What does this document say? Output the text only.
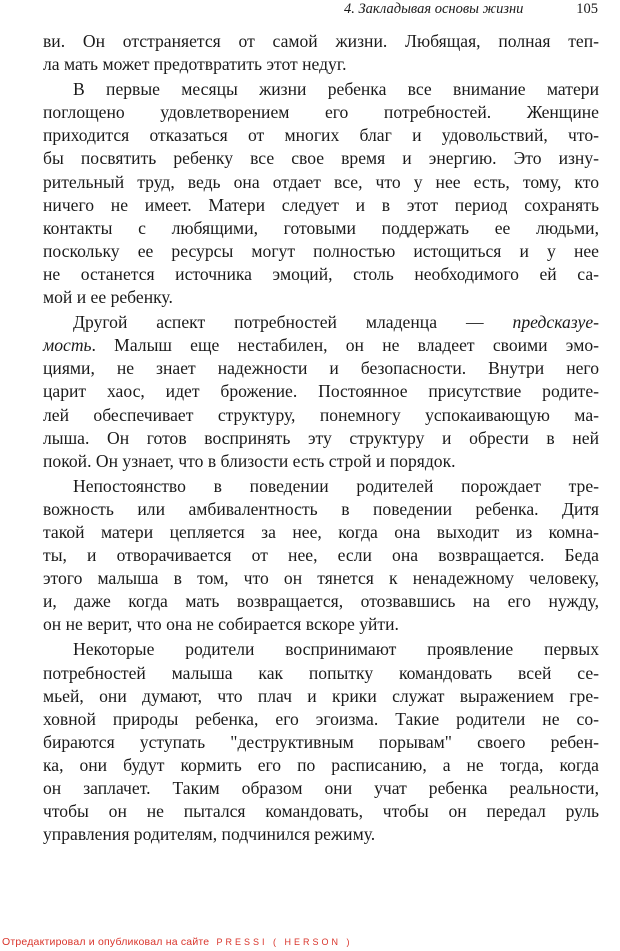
4. Закладывая основы жизни	105

ви. Он отстраняется от самой жизни. Любящая, полная теп-
ла мать может предотвратить этот недуг.

В первые месяцы жизни ребенка все внимание матери
поглощено удовлетворением его потребностей. Женщине
приходится отказаться от многих благ и удовольствий, что-
бы посвятить ребенку все свое время и энергию. Это изну-
рительный труд, ведь она отдает все, что у нее есть, тому, кто
ничего не имеет. Матери следует и в этот период сохранять
контакты с любящими, готовыми поддержать ее людьми,
поскольку ее ресурсы могут полностью истощиться и у нее
не останется источника эмоций, столь необходимого ей са-
мой и ее ребенку.

Другой аспект потребностей младенца — предсказуе-
мость. Малыш еще нестабилен, он не владеет своими эмо-
циями, не знает надежности и безопасности. Внутри него
царит хаос, идет брожение. Постоянное присутствие родите-
лей обеспечивает структуру, понемногу успокаивающую ма-
лыша. Он готов воспринять эту структуру и обрести в ней
покой. Он узнает, что в близости есть строй и порядок.

Непостоянство в поведении родителей порождает тре-
вожность или амбивалентность в поведении ребенка. Дитя
такой матери цепляется за нее, когда она выходит из комна-
ты, и отворачивается от нее, если она возвращается. Беда
этого малыша в том, что он тянется к ненадежному человеку,
и, даже когда мать возвращается, отозвавшись на его нужду,
он не верит, что она не собирается вскоре уйти.

Некоторые родители воспринимают проявление первых
потребностей малыша как попытку командовать всей се-
мьей, они думают, что плач и крики служат выражением гре-
ховной природы ребенка, его эгоизма. Такие родители не со-
бираются уступать "деструктивным порывам" своего ребен-
ка, они будут кормить его по расписанию, а не тогда, когда
он заплачет. Таким образом они учат ребенка реальности,
чтобы он не пытался командовать, чтобы он передал руль
управления родителям, подчинился режиму.

Отредактировал и опубликовал на сайте PRESSI ( HERSON )
